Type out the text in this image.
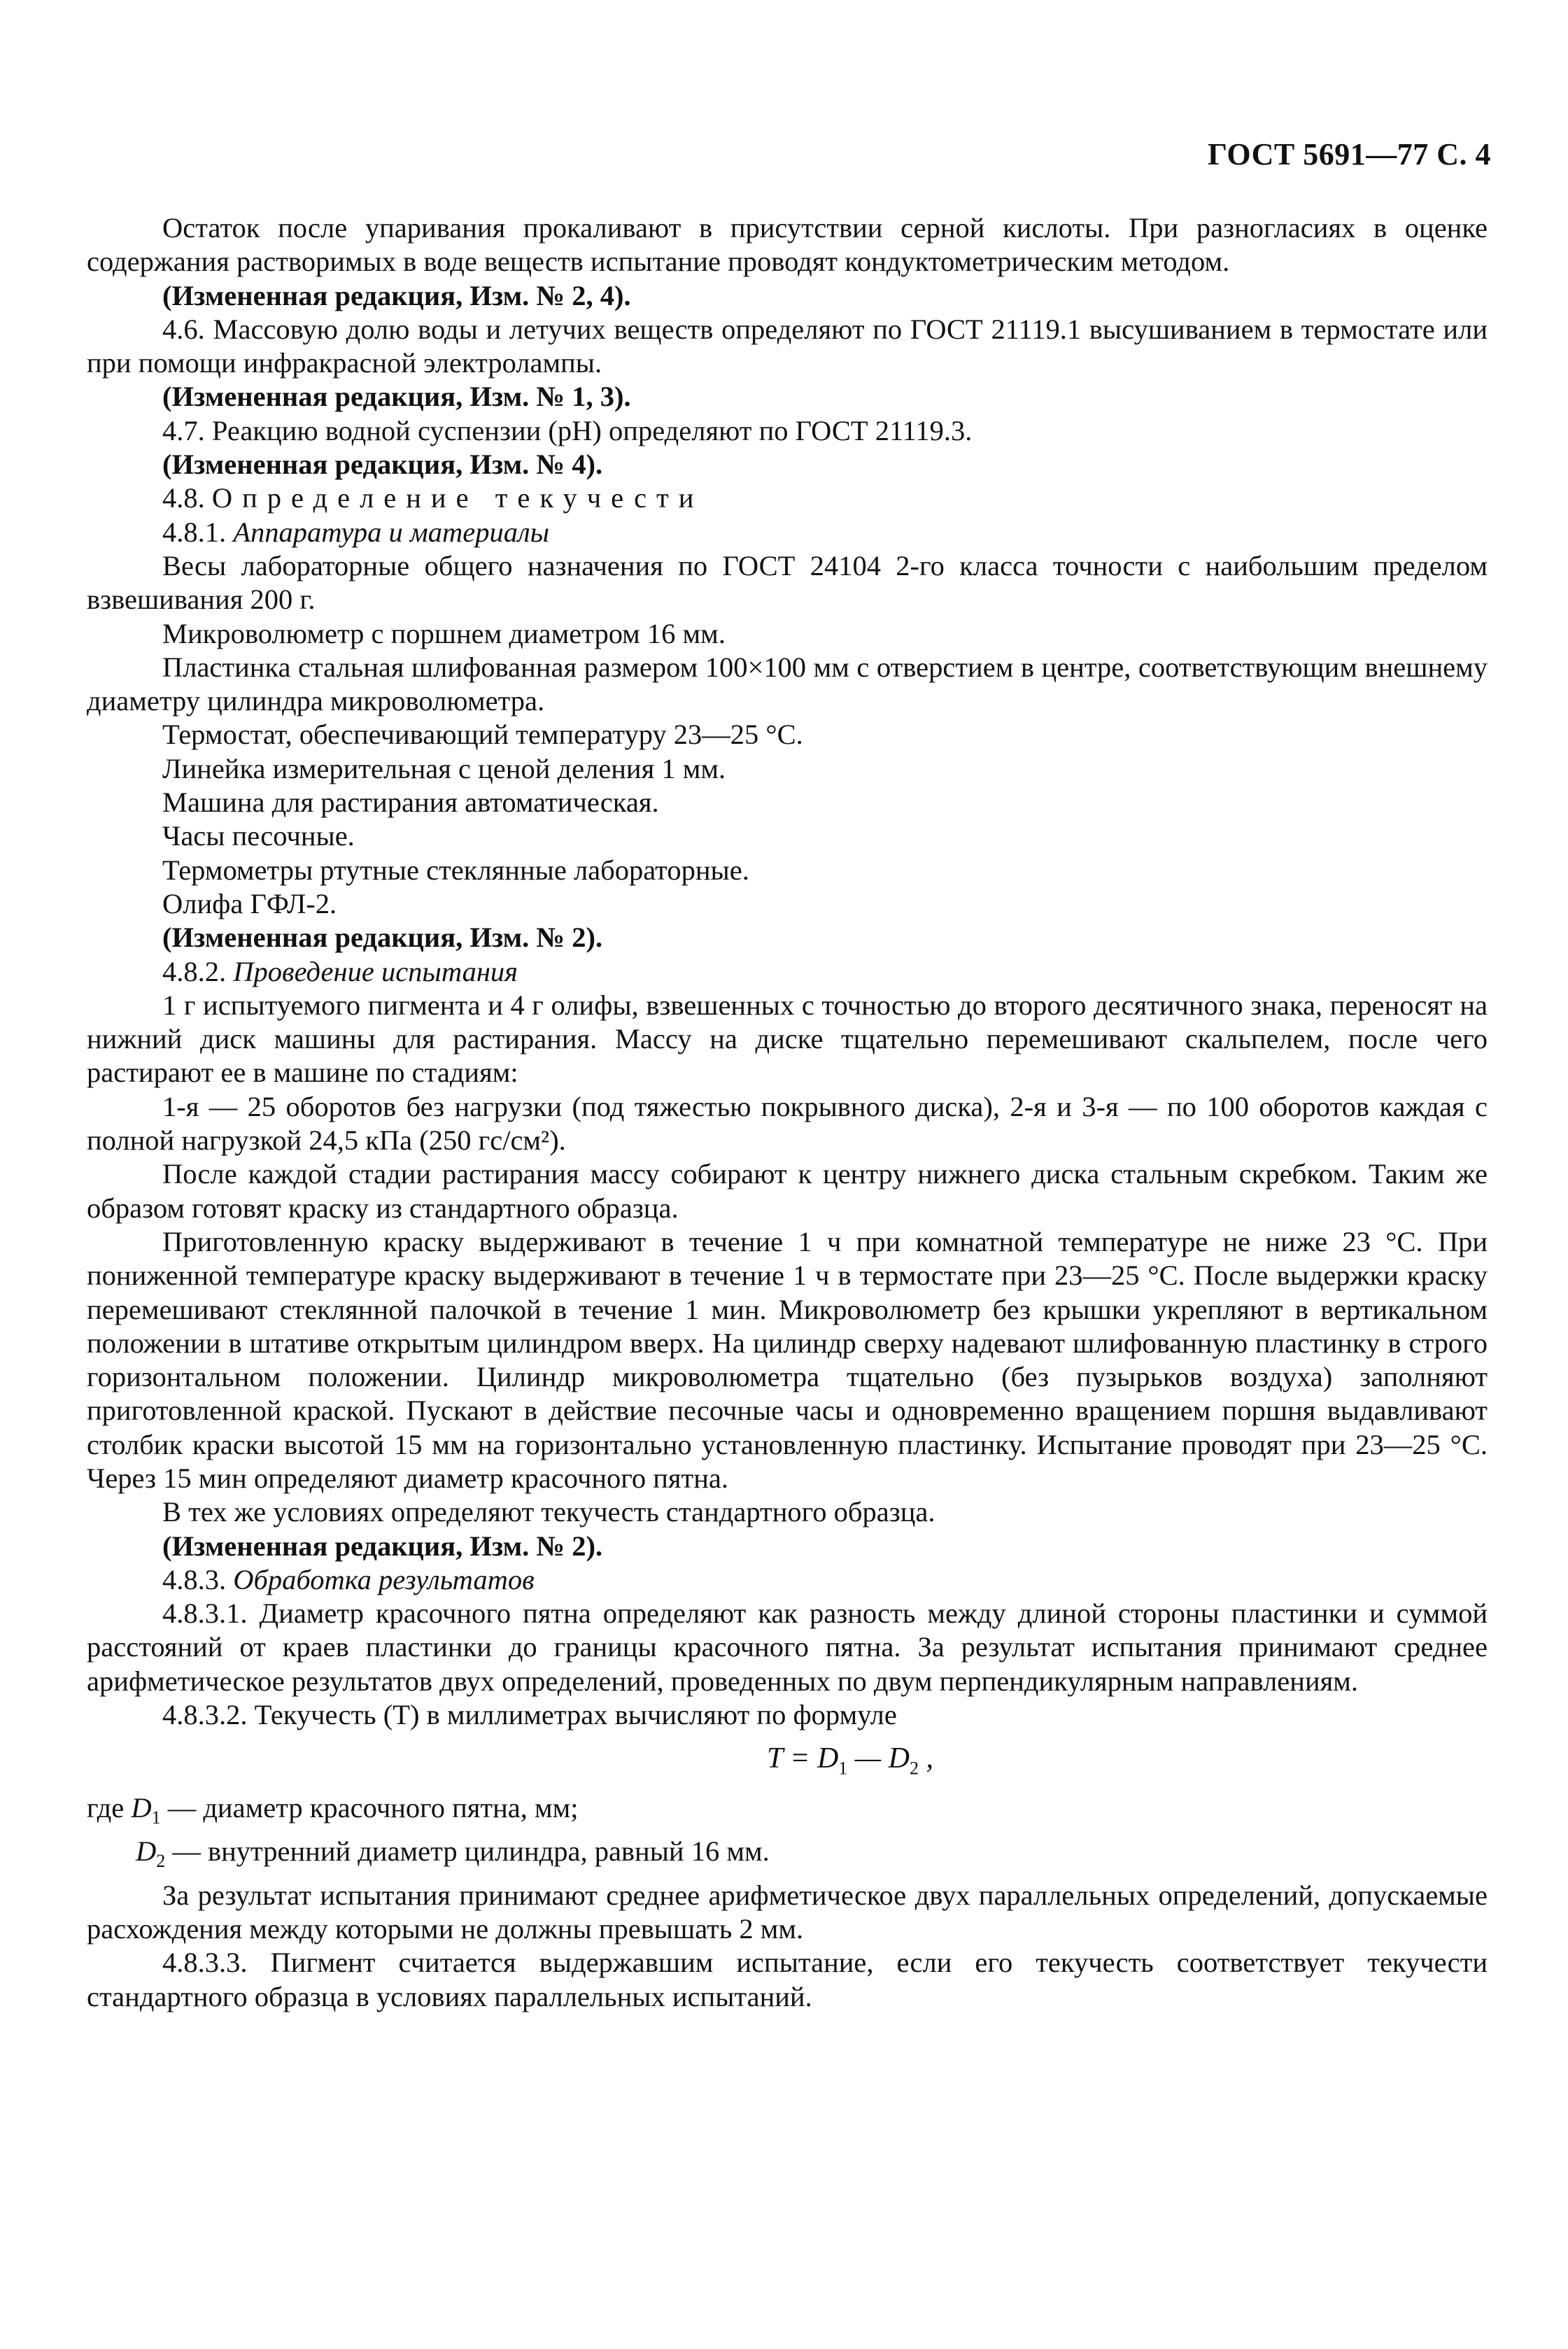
ГОСТ 5691—77 С. 4

Остаток после упаривания прокаливают в присутствии серной кислоты. При разногласиях в оценке содержания растворимых в воде веществ испытание проводят кондуктометрическим методом.

(Измененная редакция, Изм. № 2, 4).

4.6. Массовую долю воды и летучих веществ определяют по ГОСТ 21119.1 высушиванием в термостате или при помощи инфракрасной электролампы.

(Измененная редакция, Изм. № 1, 3).

4.7. Реакцию водной суспензии (pH) определяют по ГОСТ 21119.3.

(Измененная редакция, Изм. № 4).

4.8. Определение текучести

4.8.1. Аппаратура и материалы

Весы лабораторные общего назначения по ГОСТ 24104 2-го класса точности с наибольшим пределом взвешивания 200 г.

Микроволюметр с поршнем диаметром 16 мм.

Пластинка стальная шлифованная размером 100×100 мм с отверстием в центре, соответствующим внешнему диаметру цилиндра микроволюметра.

Термостат, обеспечивающий температуру 23—25 °С.

Линейка измерительная с ценой деления 1 мм.

Машина для растирания автоматическая.

Часы песочные.

Термометры ртутные стеклянные лабораторные.

Олифа ГФЛ-2.

(Измененная редакция, Изм. № 2).

4.8.2. Проведение испытания

1 г испытуемого пигмента и 4 г олифы, взвешенных с точностью до второго десятичного знака, переносят на нижний диск машины для растирания. Массу на диске тщательно перемешивают скальпелем, после чего растирают ее в машине по стадиям:

1-я — 25 оборотов без нагрузки (под тяжестью покрывного диска), 2-я и 3-я — по 100 оборотов каждая с полной нагрузкой 24,5 кПа (250 гс/см²).

После каждой стадии растирания массу собирают к центру нижнего диска стальным скребком. Таким же образом готовят краску из стандартного образца.

Приготовленную краску выдерживают в течение 1 ч при комнатной температуре не ниже 23 °С. При пониженной температуре краску выдерживают в течение 1 ч в термостате при 23—25 °С. После выдержки краску перемешивают стеклянной палочкой в течение 1 мин. Микроволюметр без крышки укрепляют в вертикальном положении в штативе открытым цилиндром вверх. На цилиндр сверху надевают шлифованную пластинку в строго горизонтальном положении. Цилиндр микроволюметра тщательно (без пузырьков воздуха) заполняют приготовленной краской. Пускают в действие песочные часы и одновременно вращением поршня выдавливают столбик краски высотой 15 мм на горизонтально установленную пластинку. Испытание проводят при 23—25 °С. Через 15 мин определяют диаметр красочного пятна.

В тех же условиях определяют текучесть стандартного образца.

(Измененная редакция, Изм. № 2).

4.8.3. Обработка результатов

4.8.3.1. Диаметр красочного пятна определяют как разность между длиной стороны пластинки и суммой расстояний от краев пластинки до границы красочного пятна. За результат испытания принимают среднее арифметическое результатов двух определений, проведенных по двум перпендикулярным направлениям.

4.8.3.2. Текучесть (Т) в миллиметрах вычисляют по формуле

$T = D_1$ — $D_2$ ,

где $D_1$ — диаметр красочного пятна, мм;

$D_2$ — внутренний диаметр цилиндра, равный 16 мм.

За результат испытания принимают среднее арифметическое двух параллельных определений, допускаемые расхождения между которыми не должны превышать 2 мм.

4.8.3.3. Пигмент считается выдержавшим испытание, если его текучесть соответствует текучести стандартного образца в условиях параллельных испытаний.
